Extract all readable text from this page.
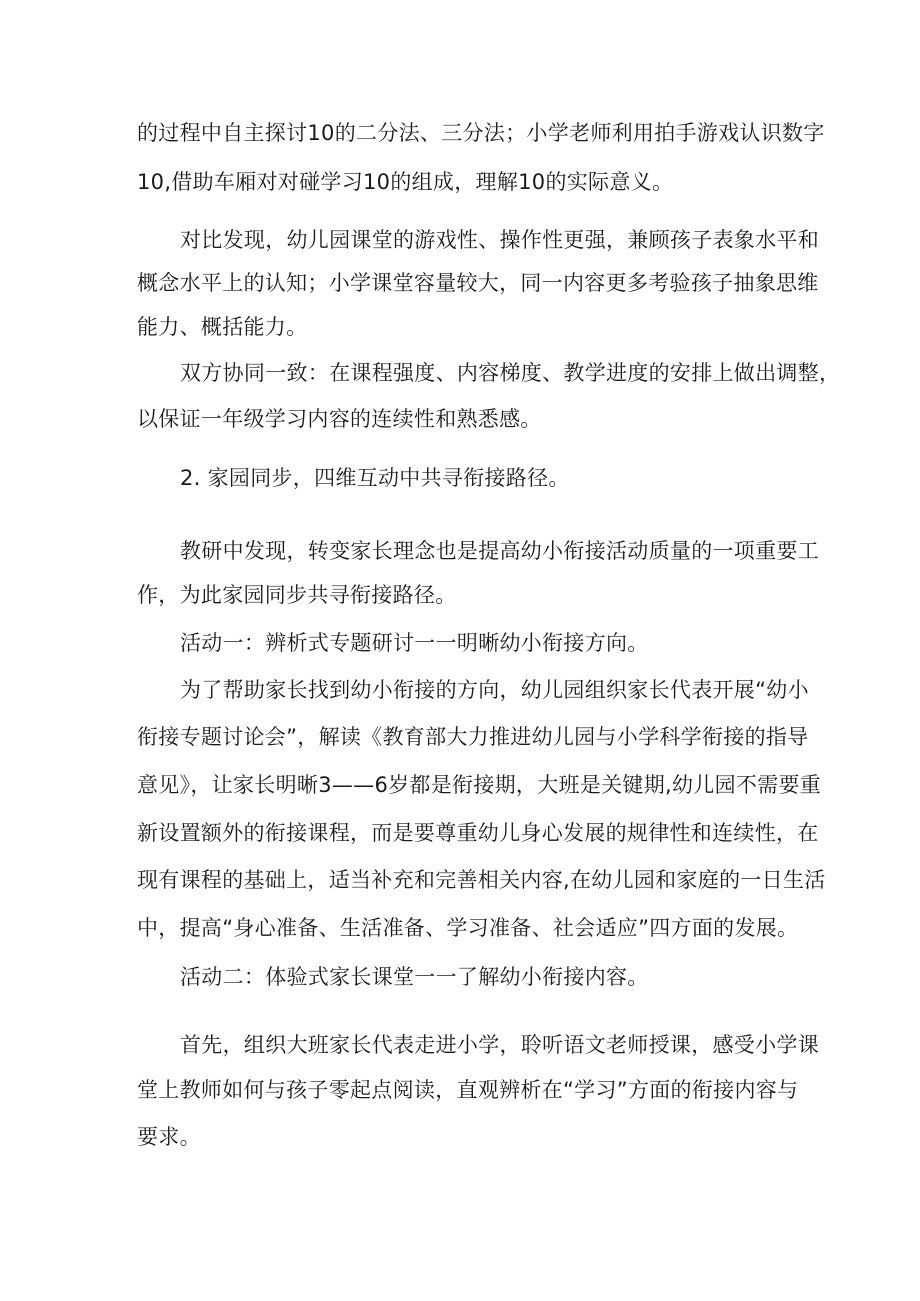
的过程中自主探讨10的二分法、三分法；小学老师利用拍手游戏认识数字
10,借助车厢对对碰学习10的组成，理解10的实际意义。
对比发现，幼儿园课堂的游戏性、操作性更强，兼顾孩子表象水平和
概念水平上的认知；小学课堂容量较大，同一内容更多考验孩子抽象思维
能力、概括能力。
双方协同一致：在课程强度、内容梯度、教学进度的安排上做出调整，
以保证一年级学习内容的连续性和熟悉感。
2. 家园同步，四维互动中共寻衔接路径。
教研中发现，转变家长理念也是提高幼小衔接活动质量的一项重要工
作，为此家园同步共寻衔接路径。
活动一：辨析式专题研讨一一明晰幼小衔接方向。
为了帮助家长找到幼小衔接的方向，幼儿园组织家长代表开展“幼小
衔接专题讨论会”，解读《教育部大力推进幼儿园与小学科学衔接的指导
意见》，让家长明晰3——6岁都是衔接期，大班是关键期,幼儿园不需要重
新设置额外的衔接课程，而是要尊重幼儿身心发展的规律性和连续性，在
现有课程的基础上，适当补充和完善相关内容,在幼儿园和家庭的一日生活
中，提高“身心准备、生活准备、学习准备、社会适应”四方面的发展。
活动二：体验式家长课堂一一了解幼小衔接内容。
首先，组织大班家长代表走进小学，聆听语文老师授课，感受小学课
堂上教师如何与孩子零起点阅读，直观辨析在“学习”方面的衔接内容与
要求。
